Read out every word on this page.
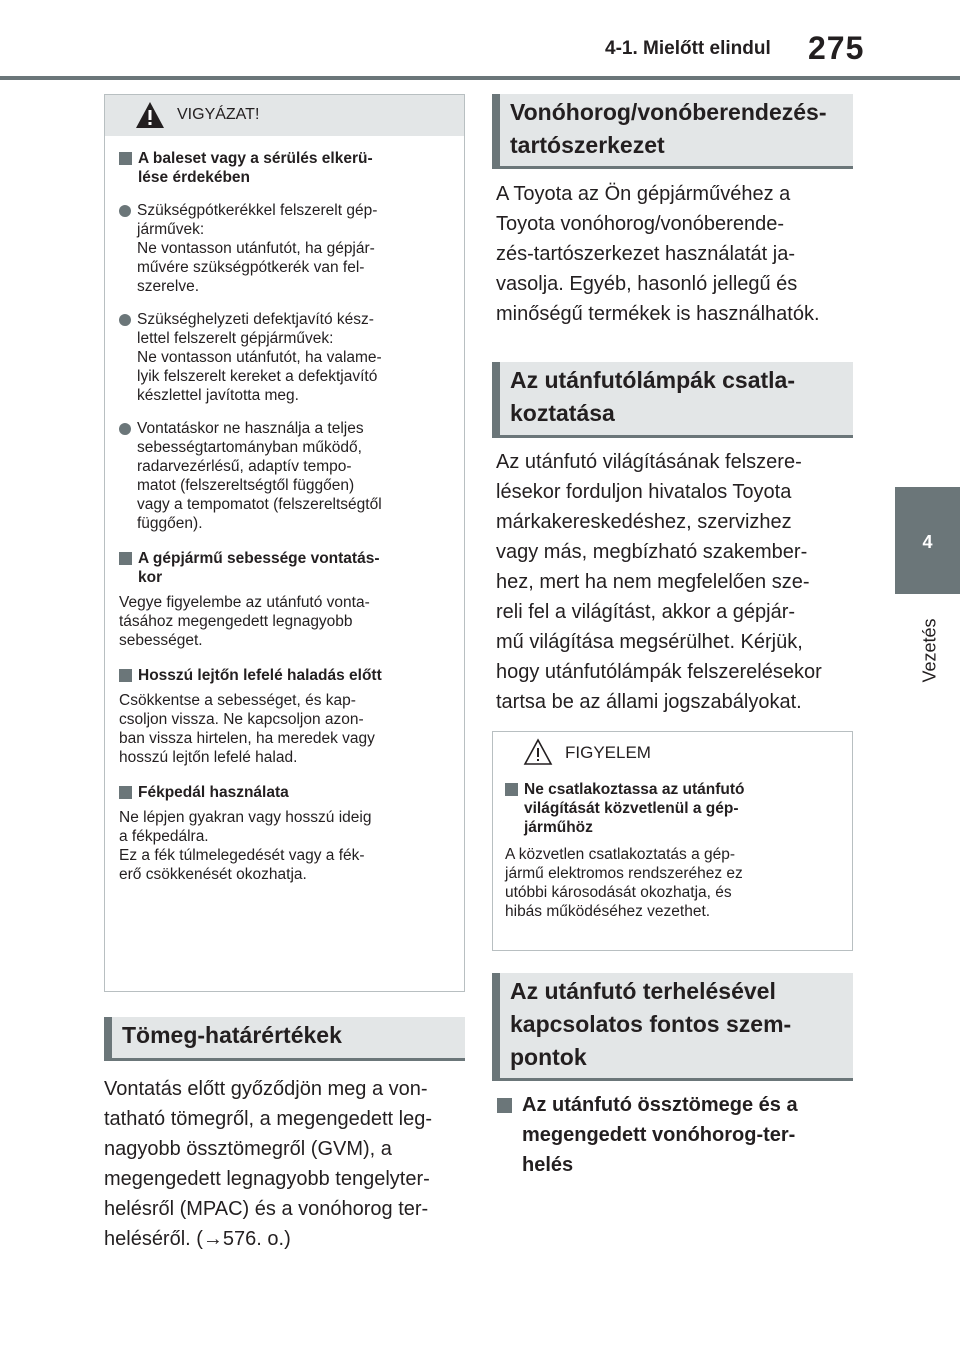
4-1. Mielőtt elindul 275
4
Vezetés
VIGYÁZAT!
A baleset vagy a sérülés elkerü-
lése érdekében
Szükségpótkerékkel felszerelt gép-
járművek:
Ne vontasson utánfutót, ha gépjár-
művére szükségpótkerék van fel-
szerelve.
Szükséghelyzeti defektjavító kész-
lettel felszerelt gépjárművek:
Ne vontasson utánfutót, ha valame-
lyik felszerelt kereket a defektjavító
készlettel javította meg.
Vontatáskor ne használja a teljes
sebességtartományban működő,
radarvezérlésű, adaptív tempo-
matot (felszereltségtől függően)
vagy a tempomatot (felszereltségtől
függően).
A gépjármű sebessége vontatás-
kor
Vegye figyelembe az utánfutó vonta-
tásához megengedett legnagyobb
sebességet.
Hosszú lejtőn lefelé haladás előtt
Csökkentse a sebességet, és kap-
csoljon vissza. Ne kapcsoljon azon-
ban vissza hirtelen, ha meredek vagy
hosszú lejtőn lefelé halad.
Fékpedál használata
Ne lépjen gyakran vagy hosszú ideig
a fékpedálra.
Ez a fék túlmelegedését vagy a fék-
erő csökkenését okozhatja.
Tömeg-határértékek
Vontatás előtt győződjön meg a von-
tatható tömegről, a megengedett leg-
nagyobb össztömegről (GVM), a
megengedett legnagyobb tengelyter-
helésről (MPAC) és a vonóhorog ter-
heléséről. (→576. o.)
Vonóhorog/vonóberendezés-
tartószerkezet
A Toyota az Ön gépjárművéhez a
Toyota vonóhorog/vonóberende-
zés-tartószerkezet használatát ja-
vasolja. Egyéb, hasonló jellegű és
minőségű termékek is használhatók.
Az utánfutólámpák csatla-
koztatása
Az utánfutó világításának felszere-
lésekor forduljon hivatalos Toyota
márkakereskedéshez, szervizhez
vagy más, megbízható szakember-
hez, mert ha nem megfelelően sze-
reli fel a világítást, akkor a gépjár-
mű világítása megsérülhet. Kérjük,
hogy utánfutólámpák felszerelésekor
tartsa be az állami jogszabályokat.
FIGYELEM
Ne csatlakoztassa az utánfutó
világítását közvetlenül a gép-
járműhöz
A közvetlen csatlakoztatás a gép-
jármű elektromos rendszeréhez ez
utóbbi károsodását okozhatja, és
hibás működéséhez vezethet.
Az utánfutó terhelésével
kapcsolatos fontos szem-
pontok
Az utánfutó össztömege és a
megengedett vonóhorog-ter-
helés
